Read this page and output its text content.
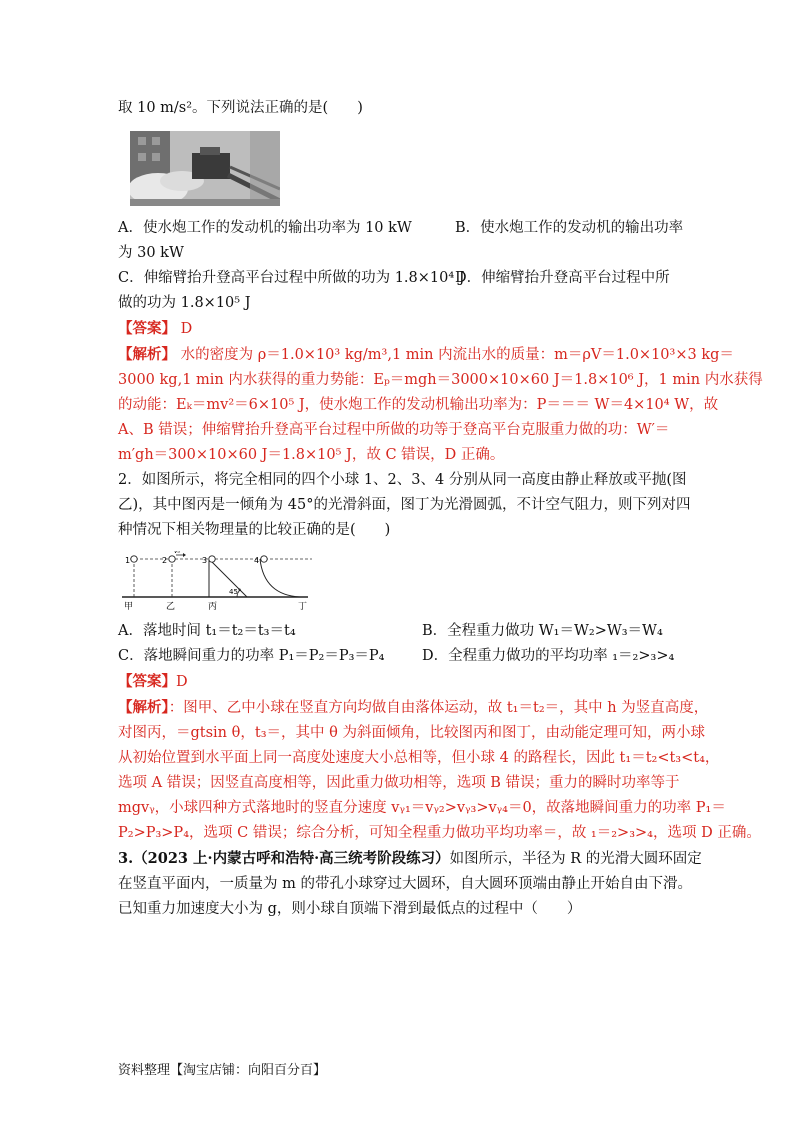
取 10 m/s²。下列说法正确的是(　　)
A．使水炮工作的发动机的输出功率为 10 kW	B．使水炮工作的发动机的输出功率
为 30 kW
C．伸缩臂抬升登高平台过程中所做的功为 1.8×10⁴ J
D．伸缩臂抬升登高平台过程中所
做的功为 1.8×10⁵ J
【答案】 D
【解析】 水的密度为 ρ＝1.0×10³ kg/m³,1 min 内流出水的质量：m＝ρV＝1.0×10³×3 kg＝
3000 kg,1 min 内水获得的重力势能：Eₚ＝mgh＝3000×10×60 J＝1.8×10⁶ J，1 min 内水获得
的动能：Eₖ＝mv²＝6×10⁵ J，使水炮工作的发动机输出功率为：P＝＝＝ W＝4×10⁴ W，故
A、B 错误；伸缩臂抬升登高平台过程中所做的功等于登高平台克服重力做的功：W′＝
m′gh＝300×10×60 J＝1.8×10⁵ J，故 C 错误，D 正确。
2．如图所示，将完全相同的四个小球 1、2、3、4 分别从同一高度由静止释放或平抛(图
乙)，其中图丙是一倾角为 45°的光滑斜面，图丁为光滑圆弧，不计空气阻力，则下列对四
种情况下相关物理量的比较正确的是(　　)
1	2	3	4
v₀
45°
甲	乙	丙	丁
A．落地时间 t₁＝t₂＝t₃＝t₄	B．全程重力做功 W₁＝W₂>W₃＝W₄
C．落地瞬间重力的功率 P₁＝P₂＝P₃＝P₄	D．全程重力做功的平均功率 ₁＝₂>₃>₄
【答案】D
【解析】：图甲、乙中小球在竖直方向均做自由落体运动，故 t₁＝t₂＝，其中 h 为竖直高度，
对图丙，＝gtsin θ，t₃＝，其中 θ 为斜面倾角，比较图丙和图丁，由动能定理可知，两小球
从初始位置到水平面上同一高度处速度大小总相等，但小球 4 的路程长，因此 t₁＝t₂<t₃<t₄，
选项 A 错误；因竖直高度相等，因此重力做功相等，选项 B 错误；重力的瞬时功率等于
mgvᵧ，小球四种方式落地时的竖直分速度 vᵧ₁＝vᵧ₂>vᵧ₃>vᵧ₄＝0，故落地瞬间重力的功率 P₁＝
P₂>P₃>P₄，选项 C 错误；综合分析，可知全程重力做功平均功率＝，故 ₁＝₂>₃>₄，选项 D 正确。
3.（2023 上·内蒙古呼和浩特·高三统考阶段练习）如图所示，半径为 R 的光滑大圆环固定
在竖直平面内，一质量为 m 的带孔小球穿过大圆环，自大圆环顶端由静止开始自由下滑。
已知重力加速度大小为 g，则小球自顶端下滑到最低点的过程中（　　）
资料整理【淘宝店铺：向阳百分百】
